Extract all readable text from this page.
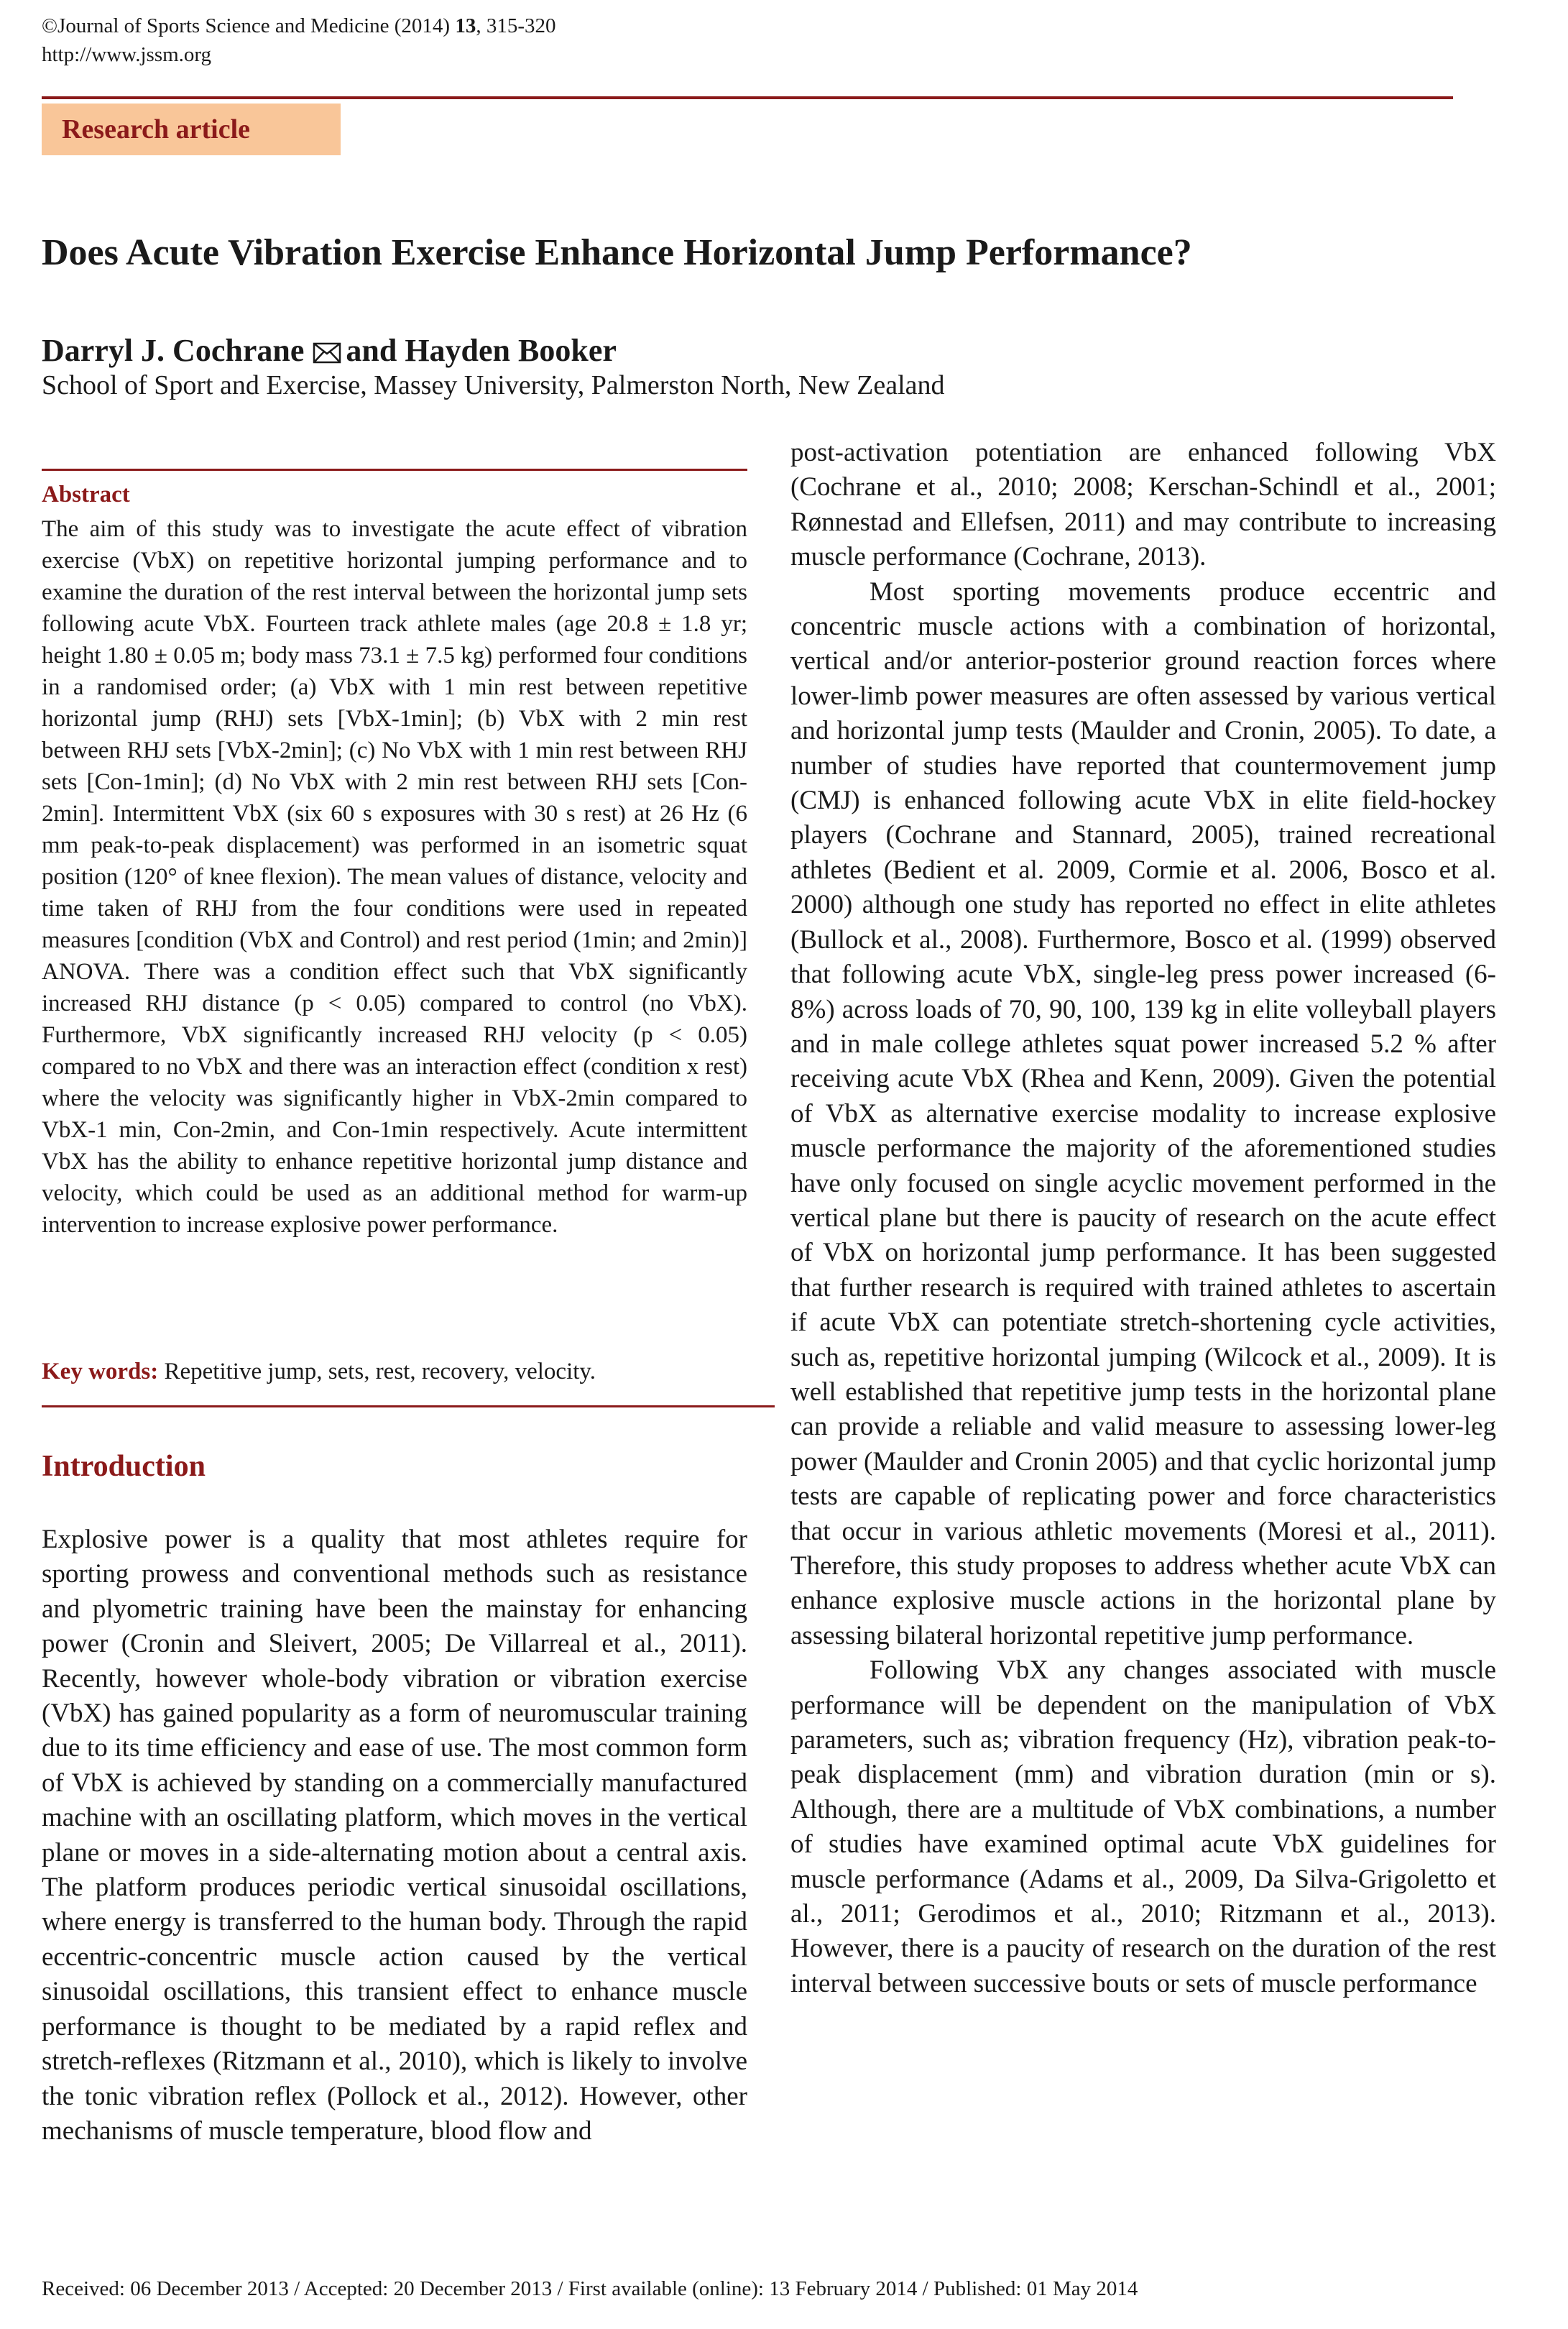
©Journal of Sports Science and Medicine (2014) 13, 315-320
http://www.jssm.org
Research article
Does Acute Vibration Exercise Enhance Horizontal Jump Performance?
Darryl J. Cochrane and Hayden Booker
School of Sport and Exercise, Massey University, Palmerston North, New Zealand
Abstract
The aim of this study was to investigate the acute effect of vibration exercise (VbX) on repetitive horizontal jumping performance and to examine the duration of the rest interval between the horizontal jump sets following acute VbX. Fourteen track athlete males (age 20.8 ± 1.8 yr; height 1.80 ± 0.05 m; body mass 73.1 ± 7.5 kg) performed four conditions in a randomised order; (a) VbX with 1 min rest between repetitive horizontal jump (RHJ) sets [VbX-1min]; (b) VbX with 2 min rest between RHJ sets [VbX-2min]; (c) No VbX with 1 min rest between RHJ sets [Con-1min]; (d) No VbX with 2 min rest between RHJ sets [Con-2min]. Intermittent VbX (six 60 s exposures with 30 s rest) at 26 Hz (6 mm peak-to-peak displacement) was performed in an isometric squat position (120° of knee flexion). The mean values of distance, velocity and time taken of RHJ from the four conditions were used in repeated measures [condition (VbX and Control) and rest period (1min; and 2min)] ANOVA. There was a condition effect such that VbX significantly increased RHJ distance (p < 0.05) compared to control (no VbX). Furthermore, VbX significantly increased RHJ velocity (p < 0.05) compared to no VbX and there was an interaction effect (condition x rest) where the velocity was significantly higher in VbX-2min compared to VbX-1 min, Con-2min, and Con-1min respectively. Acute intermittent VbX has the ability to enhance repetitive horizontal jump distance and velocity, which could be used as an additional method for warm-up intervention to increase explosive power performance.
Key words: Repetitive jump, sets, rest, recovery, velocity.
Introduction

Explosive power is a quality that most athletes require for sporting prowess and conventional methods such as resistance and plyometric training have been the mainstay for enhancing power (Cronin and Sleivert, 2005; De Villarreal et al., 2011). Recently, however whole-body vibration or vibration exercise (VbX) has gained popularity as a form of neuromuscular training due to its time efficiency and ease of use. The most common form of VbX is achieved by standing on a commercially manufactured machine with an oscillating platform, which moves in the vertical plane or moves in a side-alternating motion about a central axis. The platform produces periodic vertical sinusoidal oscillations, where energy is transferred to the human body. Through the rapid eccentric-concentric muscle action caused by the vertical sinusoidal oscillations, this transient effect to enhance muscle performance is thought to be mediated by a rapid reflex and stretch-reflexes (Ritzmann et al., 2010), which is likely to involve the tonic vibration reflex (Pollock et al., 2012). However, other mechanisms of muscle temperature, blood flow and

post-activation potentiation are enhanced following VbX (Cochrane et al., 2010; 2008; Kerschan-Schindl et al., 2001; Rønnestad and Ellefsen, 2011) and may contribute to increasing muscle performance (Cochrane, 2013).

Most sporting movements produce eccentric and concentric muscle actions with a combination of horizontal, vertical and/or anterior-posterior ground reaction forces where lower-limb power measures are often assessed by various vertical and horizontal jump tests (Maulder and Cronin, 2005). To date, a number of studies have reported that countermovement jump (CMJ) is enhanced following acute VbX in elite field-hockey players (Cochrane and Stannard, 2005), trained recreational athletes (Bedient et al. 2009, Cormie et al. 2006, Bosco et al. 2000) although one study has reported no effect in elite athletes (Bullock et al., 2008). Furthermore, Bosco et al. (1999) observed that following acute VbX, single-leg press power increased (6-8%) across loads of 70, 90, 100, 139 kg in elite volleyball players and in male college athletes squat power increased 5.2 % after receiving acute VbX (Rhea and Kenn, 2009). Given the potential of VbX as alternative exercise modality to increase explosive muscle performance the majority of the aforementioned studies have only focused on single acyclic movement performed in the vertical plane but there is paucity of research on the acute effect of VbX on horizontal jump performance. It has been suggested that further research is required with trained athletes to ascertain if acute VbX can potentiate stretch-shortening cycle activities, such as, repetitive horizontal jumping (Wilcock et al., 2009). It is well established that repetitive jump tests in the horizontal plane can provide a reliable and valid measure to assessing lower-leg power (Maulder and Cronin 2005) and that cyclic horizontal jump tests are capable of replicating power and force characteristics that occur in various athletic movements (Moresi et al., 2011). Therefore, this study proposes to address whether acute VbX can enhance explosive muscle actions in the horizontal plane by assessing bilateral horizontal repetitive jump performance.

Following VbX any changes associated with muscle performance will be dependent on the manipulation of VbX parameters, such as; vibration frequency (Hz), vibration peak-to-peak displacement (mm) and vibration duration (min or s). Although, there are a multitude of VbX combinations, a number of studies have examined optimal acute VbX guidelines for muscle performance (Adams et al., 2009, Da Silva-Grigoletto et al., 2011; Gerodimos et al., 2010; Ritzmann et al., 2013). However, there is a paucity of research on the duration of the rest interval between successive bouts or sets of muscle performance

Received: 06 December 2013 / Accepted: 20 December 2013 / First available (online): 13 February 2014 / Published: 01 May 2014
